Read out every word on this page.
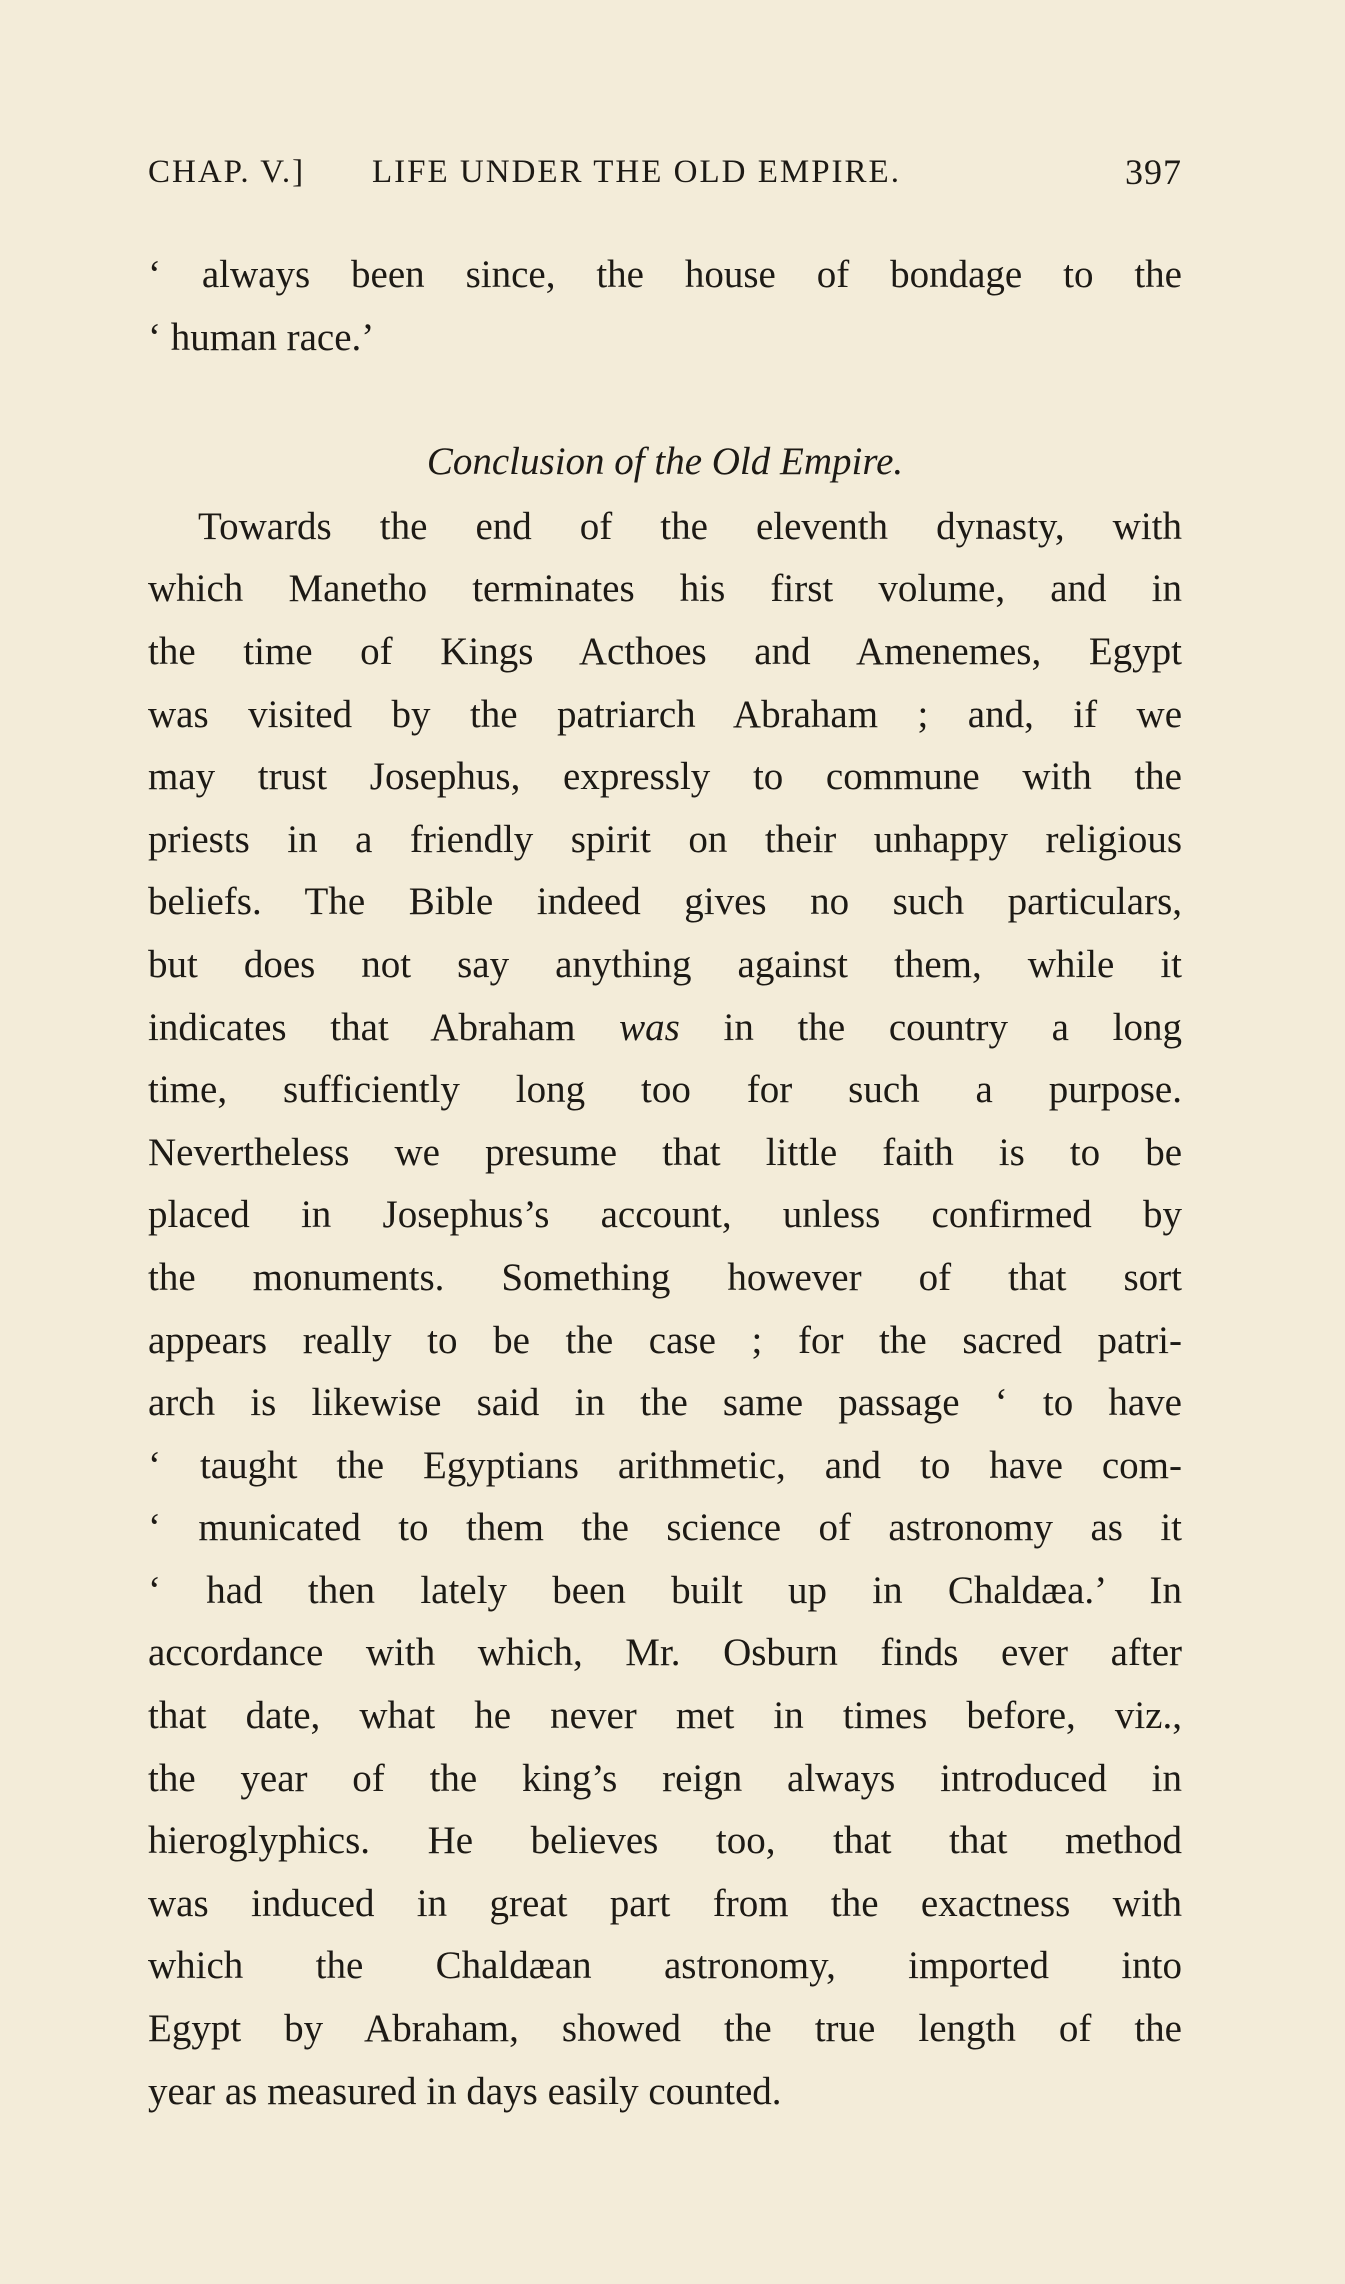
CHAP. V.] LIFE UNDER THE OLD EMPIRE.	397
‘ always been since, the house of bondage to the
‘ human race.’
Conclusion of the Old Empire.
Towards the end of the eleventh dynasty, with
which Manetho terminates his first volume, and in
the time of Kings Acthoes and Amenemes, Egypt
was visited by the patriarch Abraham ; and, if we
may trust Josephus, expressly to commune with the
priests in a friendly spirit on their unhappy religious
beliefs. The Bible indeed gives no such particulars,
but does not say anything against them, while it
indicates that Abraham was in the country a long
time, sufficiently long too for such a purpose.
Nevertheless we presume that little faith is to be
placed in Josephus’s account, unless confirmed by
the monuments. Something however of that sort
appears really to be the case ; for the sacred patri-
arch is likewise said in the same passage ‘ to have
‘ taught the Egyptians arithmetic, and to have com-
‘ municated to them the science of astronomy as it
‘ had then lately been built up in Chaldæa.’ In
accordance with which, Mr. Osburn finds ever after
that date, what he never met in times before, viz.,
the year of the king’s reign always introduced in
hieroglyphics. He believes too, that that method
was induced in great part from the exactness with
which the Chaldæan astronomy, imported into
Egypt by Abraham, showed the true length of the
year as measured in days easily counted.
